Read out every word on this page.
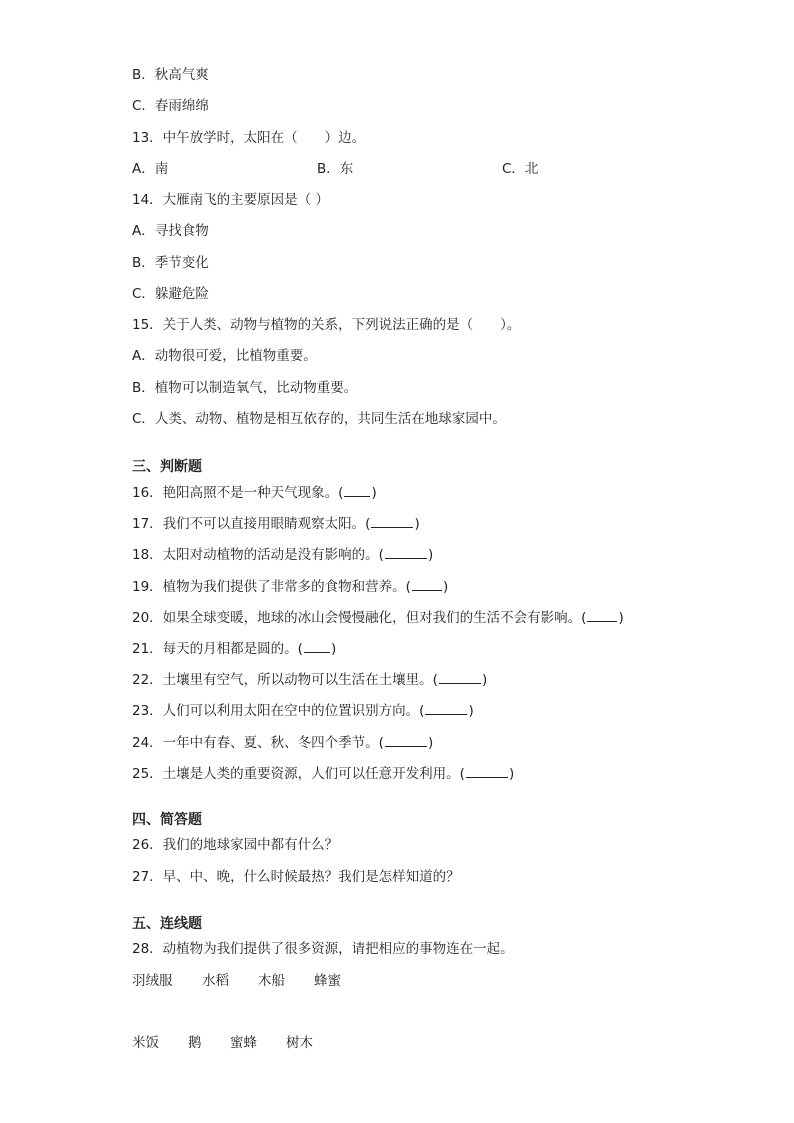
B．秋高气爽
C．春雨绵绵
13．中午放学时，太阳在（　　）边。
A．南	B．东	C．北
14．大雁南飞的主要原因是（ ）
A．寻找食物
B．季节变化
C．躲避危险
15．关于人类、动物与植物的关系，下列说法正确的是（　　）。
A．动物很可爱，比植物重要。
B．植物可以制造氧气，比动物重要。
C．人类、动物、植物是相互依存的，共同生活在地球家园中。
三、判断题
16．艳阳高照不是一种天气现象。( )
17．我们不可以直接用眼睛观察太阳。(	)
18．太阳对动植物的活动是没有影响的。(	)
19．植物为我们提供了非常多的食物和营养。( )
20．如果全球变暖，地球的冰山会慢慢融化，但对我们的生活不会有影响。( )
21．每天的月相都是圆的。( )
22．土壤里有空气，所以动物可以生活在土壤里。(	)
23．人们可以利用太阳在空中的位置识别方向。(	)
24．一年中有春、夏、秋、冬四个季节。(	)
25．土壤是人类的重要资源，人们可以任意开发利用。(	)
四、简答题
26．我们的地球家园中都有什么？
27．早、中、晚，什么时候最热？我们是怎样知道的？
五、连线题
28．动植物为我们提供了很多资源，请把相应的事物连在一起。
羽绒服 水稻 木船 蜂蜜
米饭 鹅 蜜蜂 树木
